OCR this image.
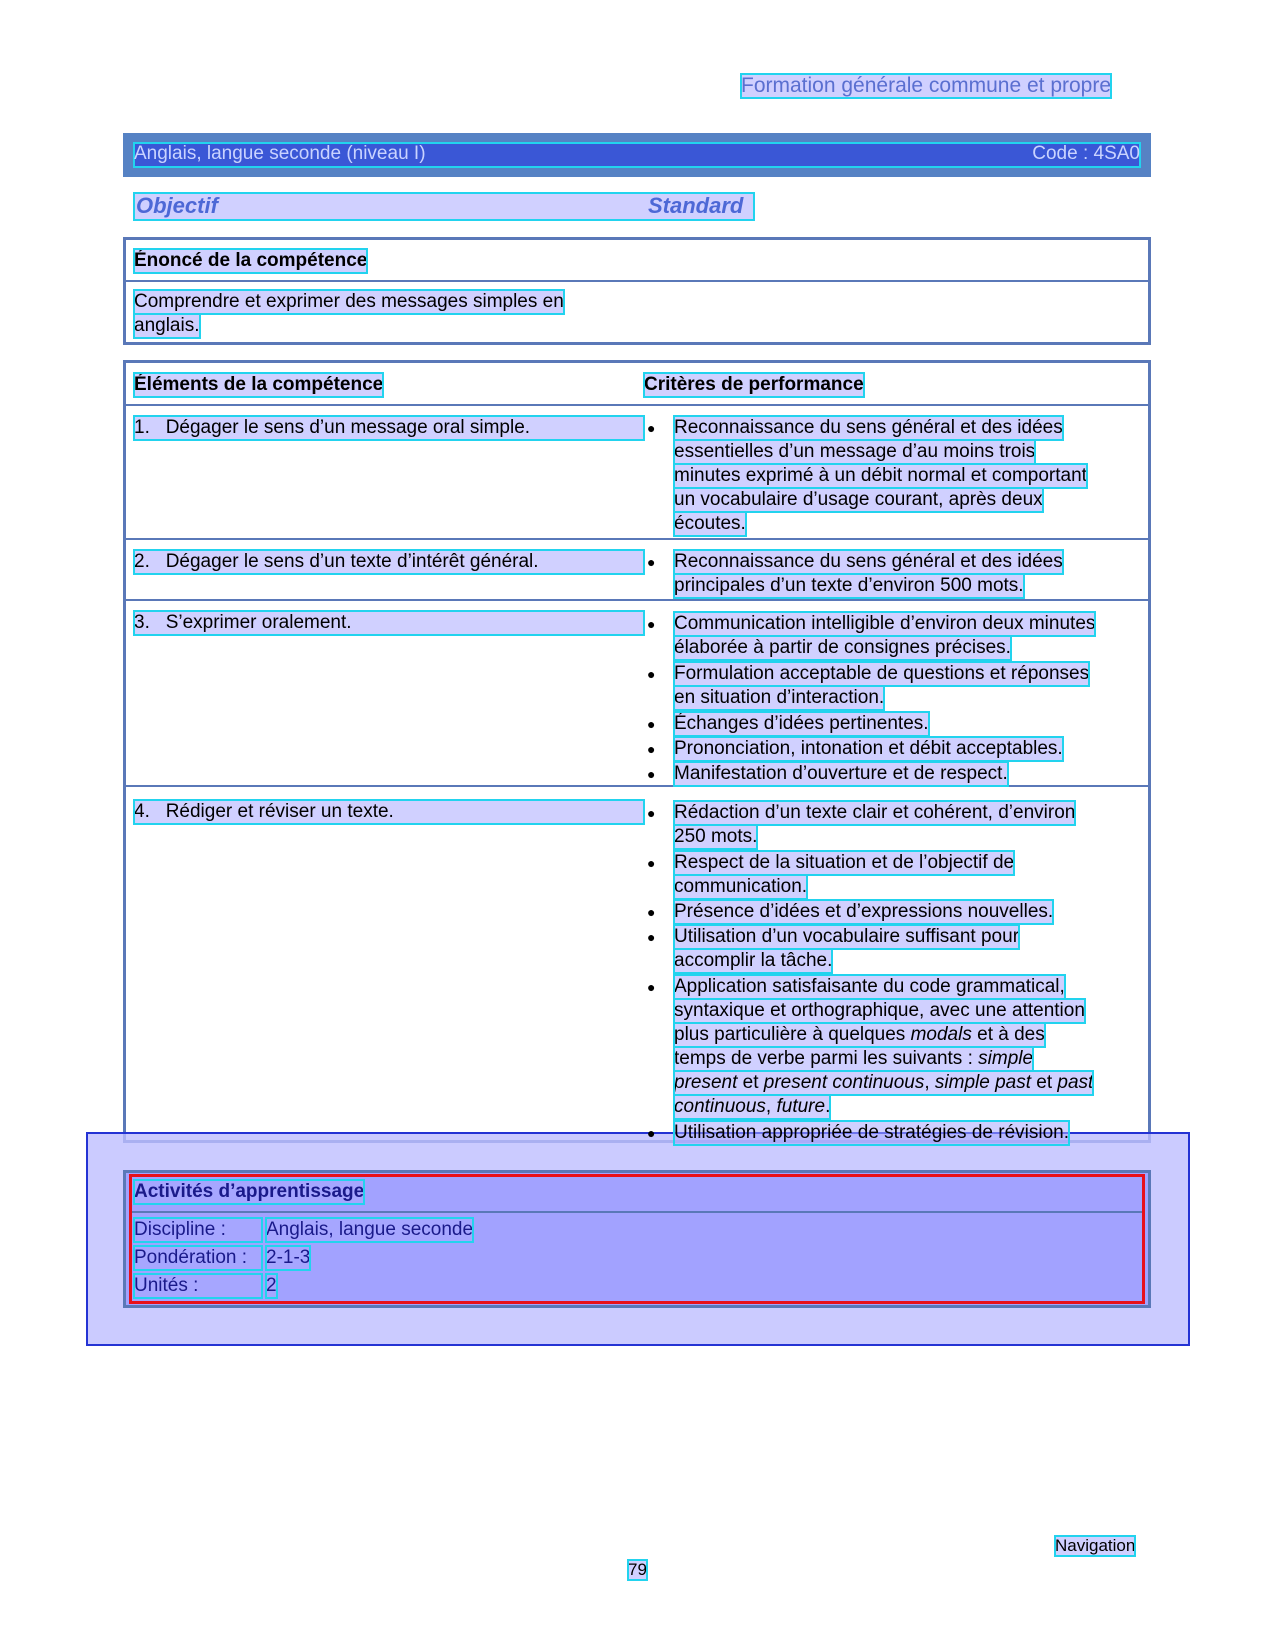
Formation générale commune et propre
Anglais, langue seconde (niveau I)	Code : 4SA0
Objectif	Standard
Énoncé de la compétence
Comprendre et exprimer des messages simples en
anglais.
Éléments de la compétence	Critères de performance
1. Dégager le sens d’un message oral simple.	● Reconnaissance du sens général et des idées
essentielles d’un message d’au moins trois
minutes exprimé à un débit normal et comportant
un vocabulaire d’usage courant, après deux
écoutes.
2. Dégager le sens d’un texte d’intérêt général.	● Reconnaissance du sens général et des idées
principales d’un texte d’environ 500 mots.
3. S’exprimer oralement.	● Communication intelligible d’environ deux minutes
élaborée à partir de consignes précises.
● Formulation acceptable de questions et réponses
en situation d’interaction.
● Échanges d’idées pertinentes.
● Prononciation, intonation et débit acceptables.
● Manifestation d’ouverture et de respect.
4. Rédiger et réviser un texte.	● Rédaction d’un texte clair et cohérent, d’environ
250 mots.
● Respect de la situation et de l’objectif de
communication.
● Présence d’idées et d’expressions nouvelles.
● Utilisation d’un vocabulaire suffisant pour
accomplir la tâche.
● Application satisfaisante du code grammatical,
syntaxique et orthographique, avec une attention
plus particulière à quelques modals et à des
temps de verbe parmi les suivants : simple
present et present continuous, simple past et past
continuous, future.
● Utilisation appropriée de stratégies de révision.
Activités d’apprentissage
Discipline :	Anglais, langue seconde
Pondération : 2-1-3
Unités :	2
Navigation
79
